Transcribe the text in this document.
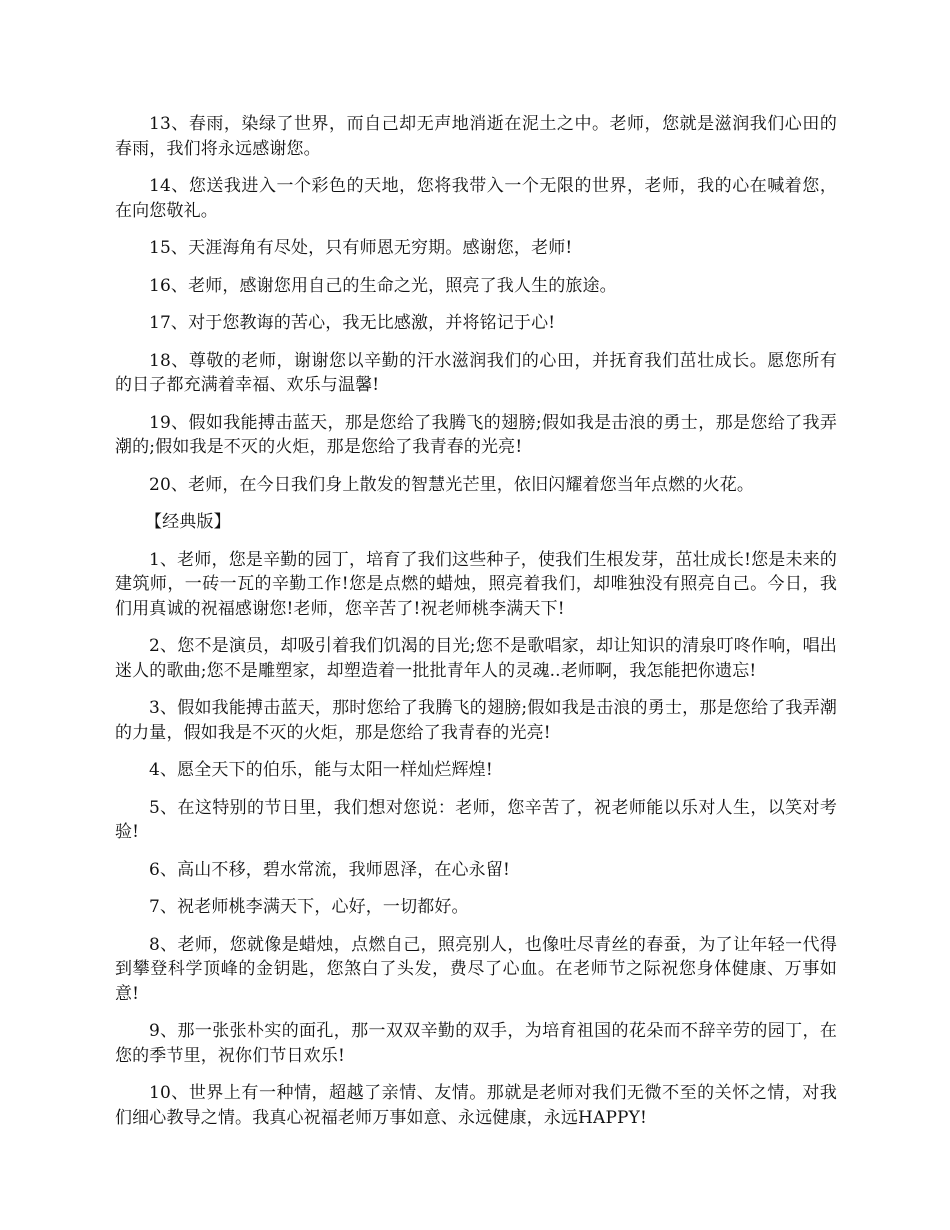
13、春雨，染绿了世界，而自己却无声地消逝在泥土之中。老师，您就是滋润我们心田的春雨，我们将永远感谢您。

14、您送我进入一个彩色的天地，您将我带入一个无限的世界，老师，我的心在喊着您，在向您敬礼。

15、天涯海角有尽处，只有师恩无穷期。感谢您，老师!

16、老师，感谢您用自己的生命之光，照亮了我人生的旅途。

17、对于您教诲的苦心，我无比感激，并将铭记于心!

18、尊敬的老师，谢谢您以辛勤的汗水滋润我们的心田，并抚育我们茁壮成长。愿您所有的日子都充满着幸福、欢乐与温馨!

19、假如我能搏击蓝天，那是您给了我腾飞的翅膀;假如我是击浪的勇士，那是您给了我弄潮的;假如我是不灭的火炬，那是您给了我青春的光亮!

20、老师，在今日我们身上散发的智慧光芒里，依旧闪耀着您当年点燃的火花。

【经典版】

1、老师，您是辛勤的园丁，培育了我们这些种子，使我们生根发芽，茁壮成长!您是未来的建筑师，一砖一瓦的辛勤工作!您是点燃的蜡烛，照亮着我们，却唯独没有照亮自己。今日，我们用真诚的祝福感谢您!老师，您辛苦了!祝老师桃李满天下!

2、您不是演员，却吸引着我们饥渴的目光;您不是歌唱家，却让知识的清泉叮咚作响，唱出迷人的歌曲;您不是雕塑家，却塑造着一批批青年人的灵魂..老师啊，我怎能把你遗忘!

3、假如我能搏击蓝天，那时您给了我腾飞的翅膀;假如我是击浪的勇士，那是您给了我弄潮的力量，假如我是不灭的火炬，那是您给了我青春的光亮!

4、愿全天下的伯乐，能与太阳一样灿烂辉煌!

5、在这特别的节日里，我们想对您说：老师，您辛苦了，祝老师能以乐对人生，以笑对考验!

6、高山不移，碧水常流，我师恩泽，在心永留!

7、祝老师桃李满天下，心好，一切都好。

8、老师，您就像是蜡烛，点燃自己，照亮别人，也像吐尽青丝的春蚕，为了让年轻一代得到攀登科学顶峰的金钥匙，您煞白了头发，费尽了心血。在老师节之际祝您身体健康、万事如意!

9、那一张张朴实的面孔，那一双双辛勤的双手，为培育祖国的花朵而不辞辛劳的园丁，在您的季节里，祝你们节日欢乐!

10、世界上有一种情，超越了亲情、友情。那就是老师对我们无微不至的关怀之情，对我们细心教导之情。我真心祝福老师万事如意、永远健康，永远HAPPY!
